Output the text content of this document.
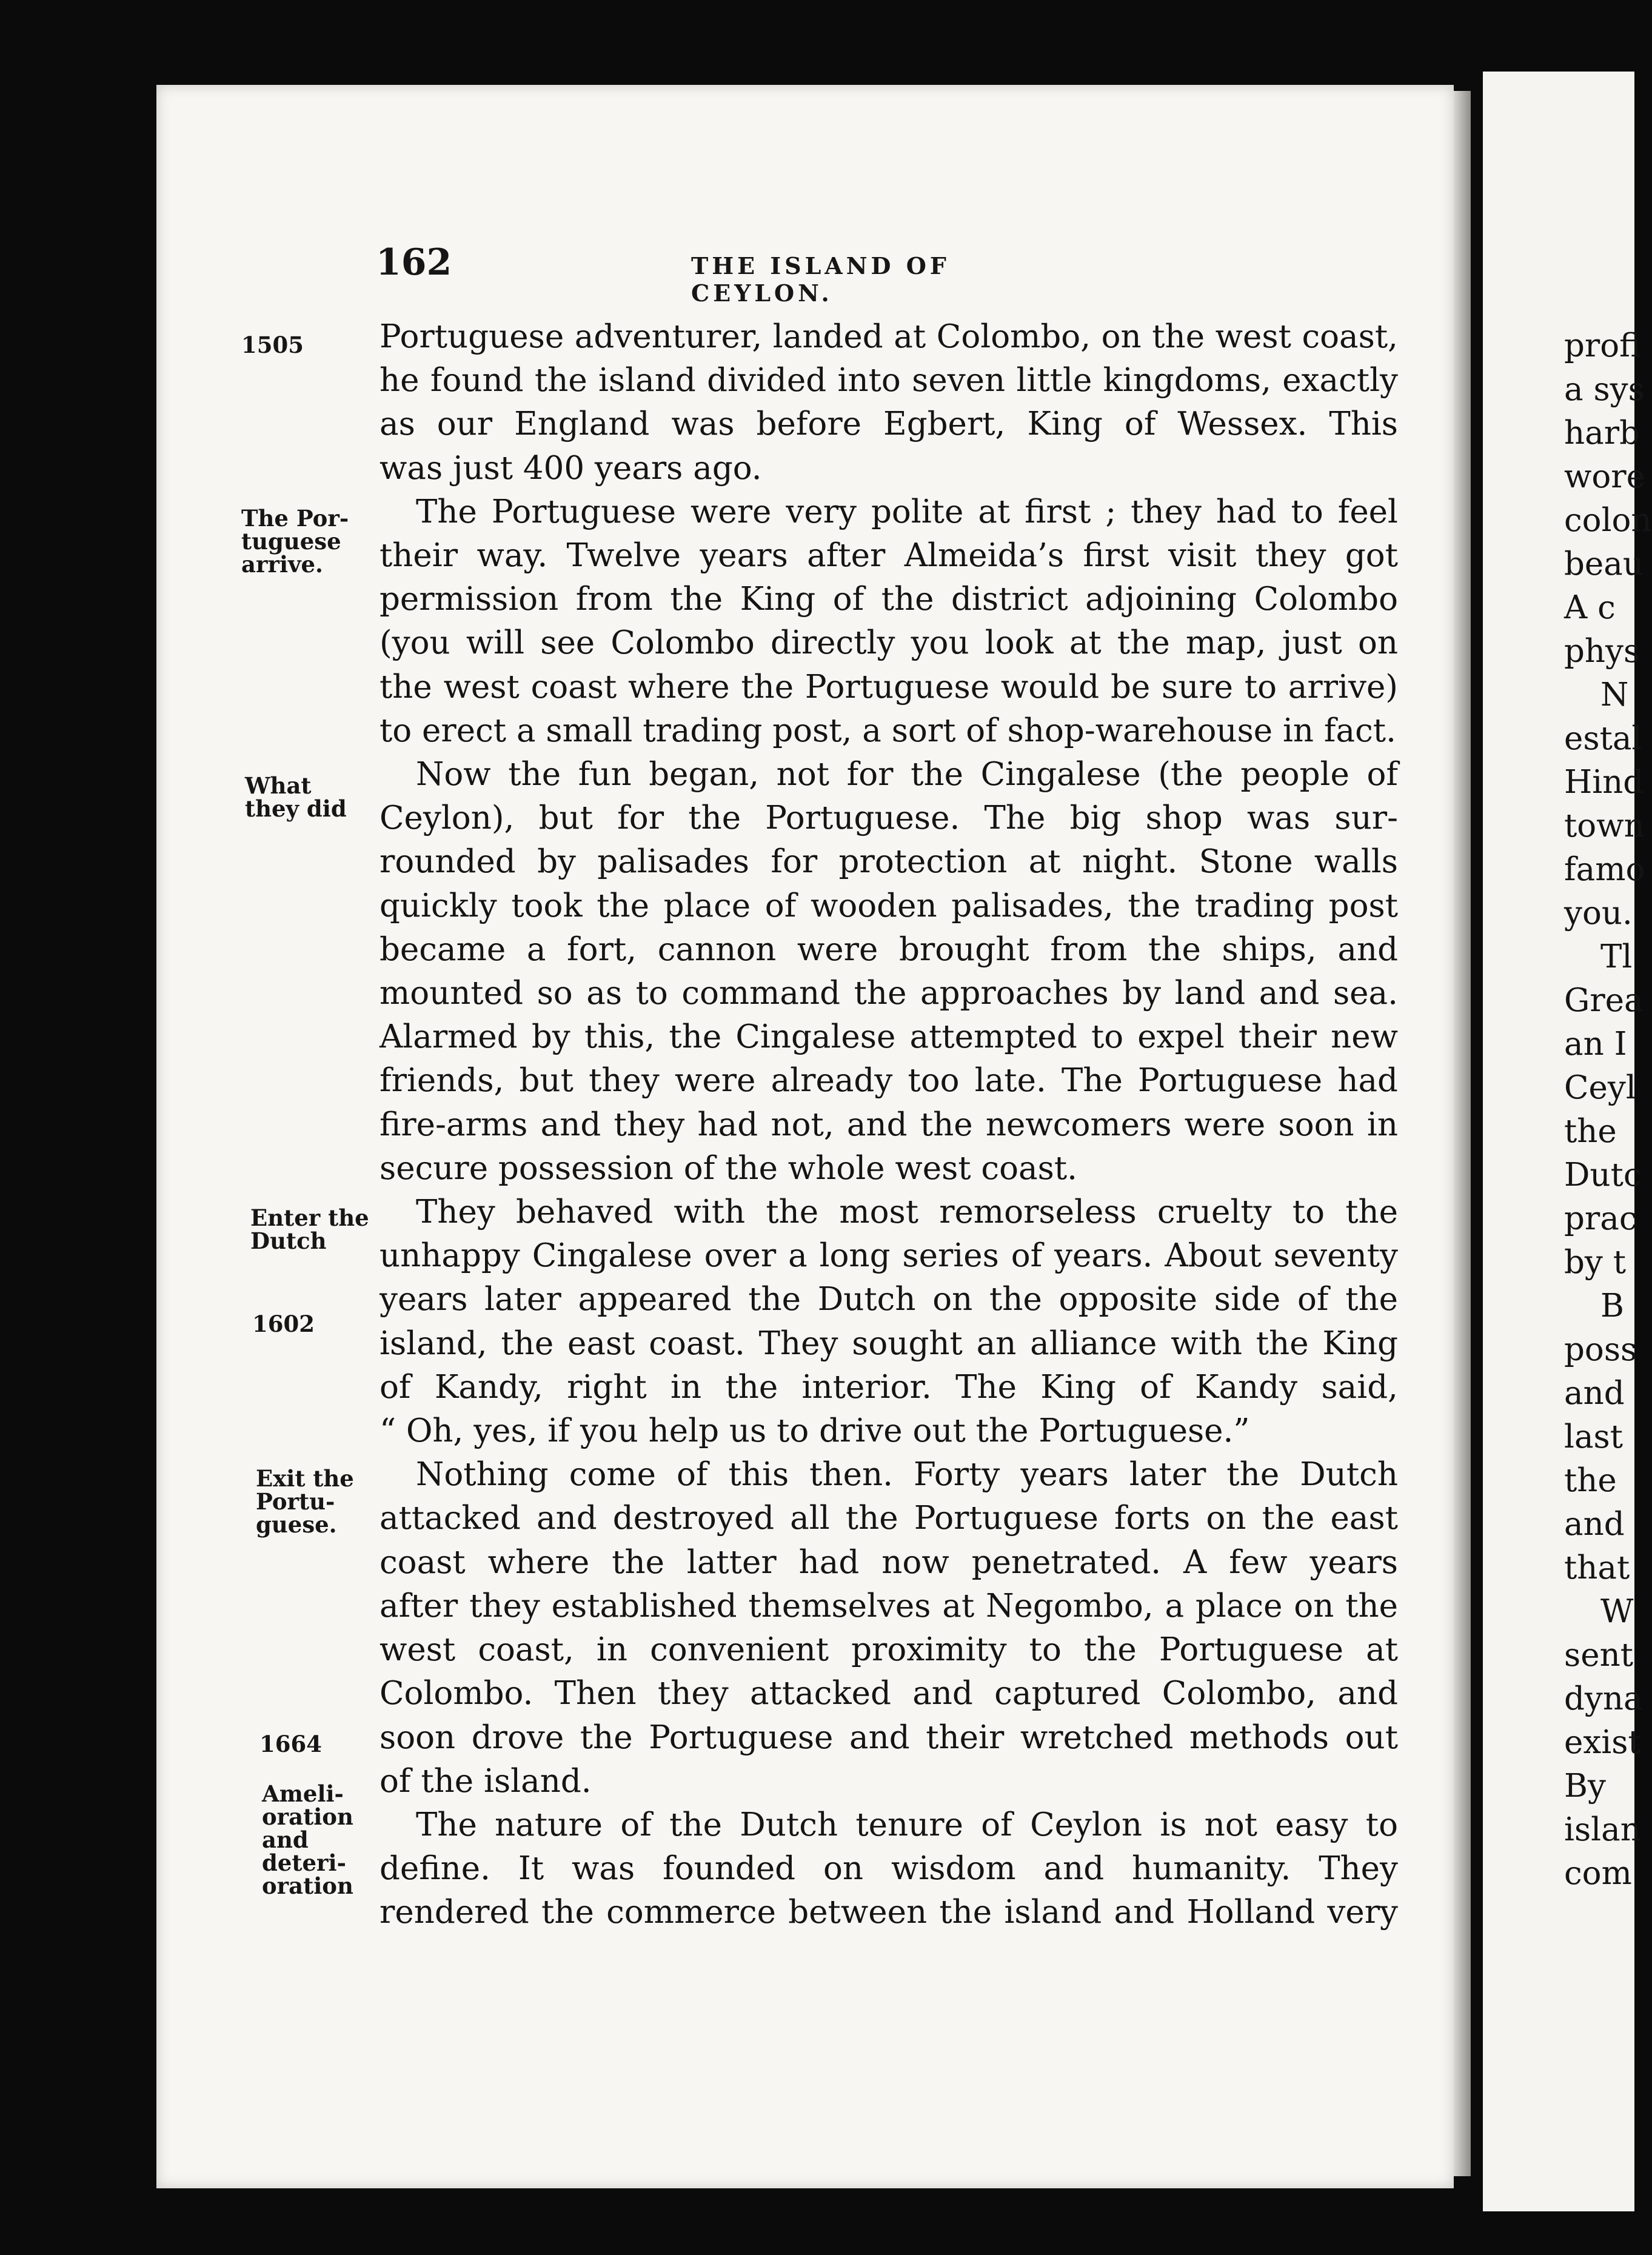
162	THE ISLAND OF CEYLON.
1505
The Por-
tuguese
arrive.
What
they did
Enter the
Dutch
1602
Exit the
Portu-
guese.
1664
Ameli-
oration
and
deteri-
oration
Portuguese adventurer, landed at Colombo, on the west coast,
he found the island divided into seven little kingdoms, exactly
as our England was before Egbert, King of Wessex. This
was just 400 years ago.
The Portuguese were very polite at first ; they had to feel
their way. Twelve years after Almeida’s first visit they got
permission from the King of the district adjoining Colombo
(you will see Colombo directly you look at the map, just on
the west coast where the Portuguese would be sure to arrive)
to erect a small trading post, a sort of shop-warehouse in fact.
Now the fun began, not for the Cingalese (the people of
Ceylon), but for the Portuguese. The big shop was sur-
rounded by palisades for protection at night. Stone walls
quickly took the place of wooden palisades, the trading post
became a fort, cannon were brought from the ships, and
mounted so as to command the approaches by land and sea.
Alarmed by this, the Cingalese attempted to expel their new
friends, but they were already too late. The Portuguese had
fire-arms and they had not, and the newcomers were soon in
secure possession of the whole west coast.
They behaved with the most remorseless cruelty to the
unhappy Cingalese over a long series of years. About seventy
years later appeared the Dutch on the opposite side of the
island, the east coast. They sought an alliance with the King
of Kandy, right in the interior. The King of Kandy said,
“ Oh, yes, if you help us to drive out the Portuguese.”
Nothing come of this then. Forty years later the Dutch
attacked and destroyed all the Portuguese forts on the east
coast where the latter had now penetrated. A few years
after they established themselves at Negombo, a place on the
west coast, in convenient proximity to the Portuguese at
Colombo. Then they attacked and captured Colombo, and
soon drove the Portuguese and their wretched methods out
of the island.
The nature of the Dutch tenure of Ceylon is not easy to
define. It was founded on wisdom and humanity. They
rendered the commerce between the island and Holland very
profi
a sys
harb
wore
colon
beau
A c
phys
N
estal
Hind
town
famo
you.
Tl
Grea
an I
Ceyl
the
Dutc
prac
by t
B
poss
and
last
the
and
that
W
sent
dyna
exist
By
islan
com
